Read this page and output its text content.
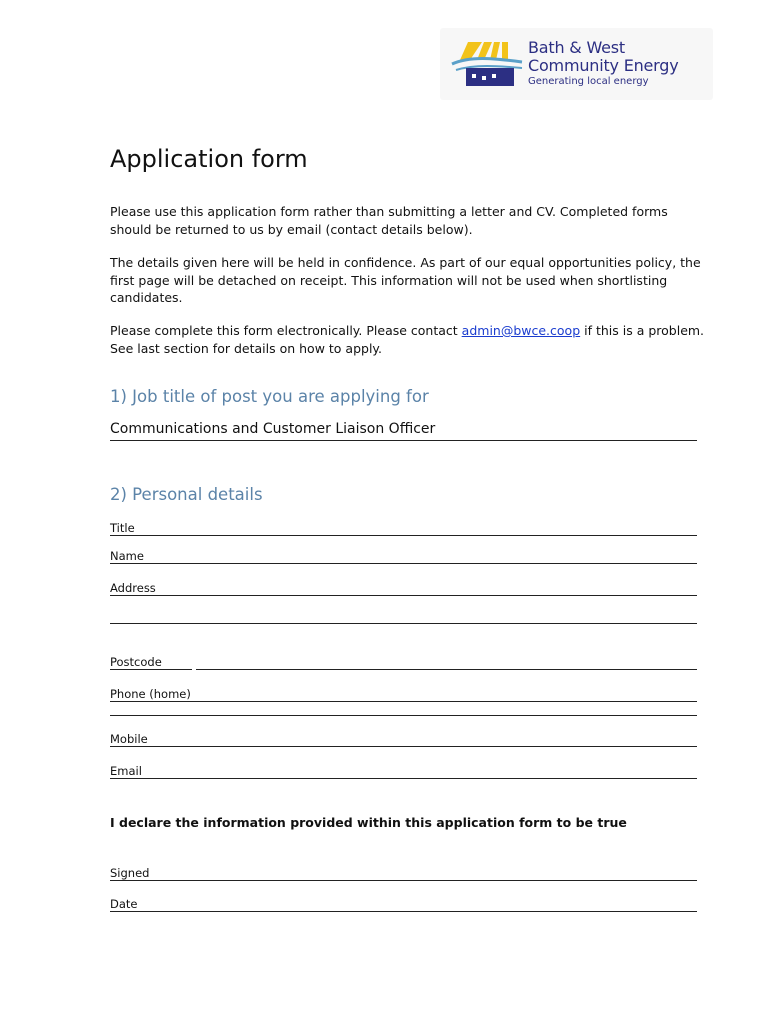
Bath & West
Community Energy
Generating local energy
Application form

Please use this application form rather than submitting a letter and CV. Completed forms should be returned to us by email (contact details below).

The details given here will be held in confidence. As part of our equal opportunities policy, the first page will be detached on receipt. This information will not be used when shortlisting candidates.

Please complete this form electronically. Please contact admin@bwce.coop if this is a problem. See last section for details on how to apply.

1) Job title of post you are applying for
Communications and Customer Liaison Officer
2) Personal details
Title
Name
Address
Postcode
Phone (home)
Mobile
Email

I declare the information provided within this application form to be true

Signed
Date
